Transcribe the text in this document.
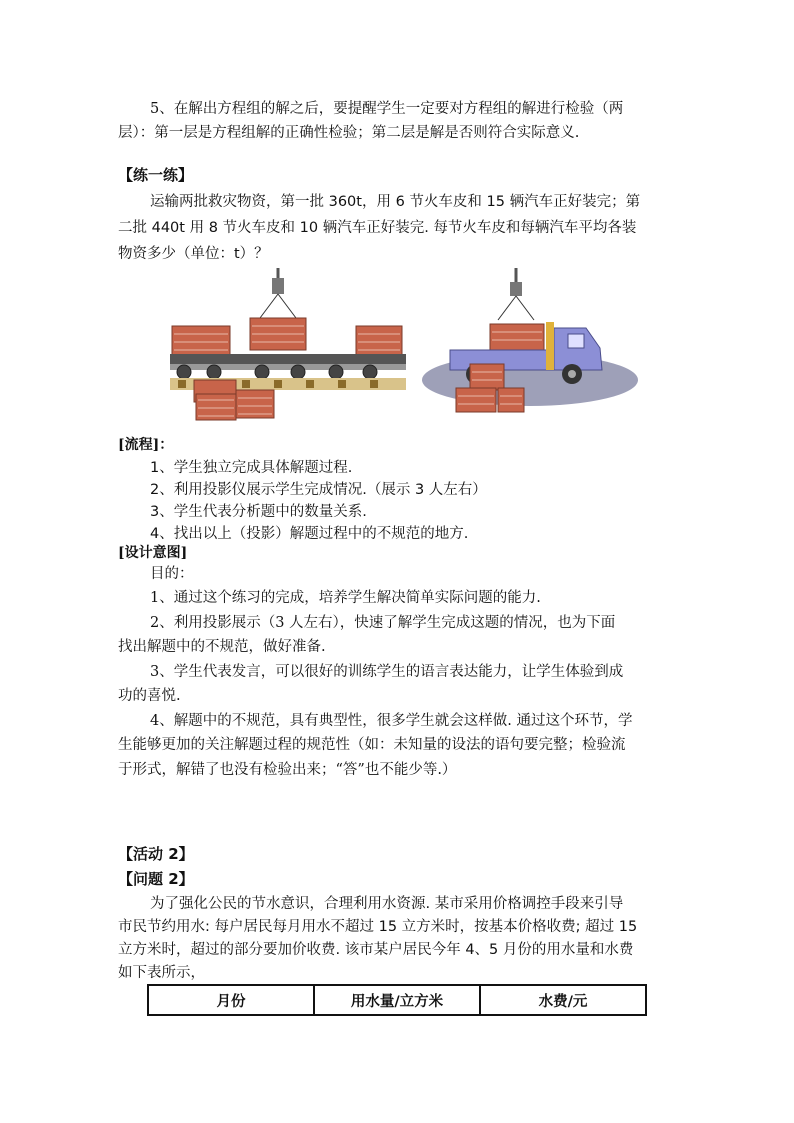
5、在解出方程组的解之后，要提醒学生一定要对方程组的解进行检验（两
层）：第一层是方程组解的正确性检验；第二层是解是否则符合实际意义.
【练一练】
运输两批救灾物资，第一批 360t，用 6 节火车皮和 15 辆汽车正好装完；第
二批 440t 用 8 节火车皮和 10 辆汽车正好装完. 每节火车皮和每辆汽车平均各装
物资多少（单位：t）？
[流程]：
1、学生独立完成具体解题过程.
2、利用投影仪展示学生完成情况.（展示 3 人左右）
3、学生代表分析题中的数量关系.
4、找出以上（投影）解题过程中的不规范的地方.
[设计意图]
目的：
1、通过这个练习的完成，培养学生解决简单实际问题的能力.
2、利用投影展示（3 人左右），快速了解学生完成这题的情况，也为下面
找出解题中的不规范，做好准备.
3、学生代表发言，可以很好的训练学生的语言表达能力，让学生体验到成
功的喜悦.
4、解题中的不规范，具有典型性，很多学生就会这样做. 通过这个环节，学
生能够更加的关注解题过程的规范性（如：未知量的设法的语句要完整；检验流
于形式，解错了也没有检验出来；“答”也不能少等.）
【活动 2】
【问题 2】
为了强化公民的节水意识，合理利用水资源. 某市采用价格调控手段来引导
市民节约用水: 每户居民每月用水不超过 15 立方米时，按基本价格收费; 超过 15
立方米时，超过的部分要加价收费. 该市某户居民今年 4、5 月份的用水量和水费
如下表所示，
月份	用水量/立方米	水费/元
